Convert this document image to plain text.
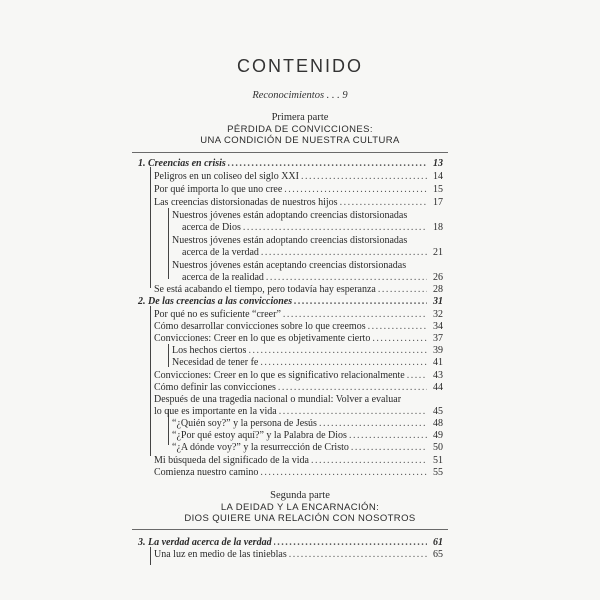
CONTENIDO
Reconocimientos . . . 9
Primera parte
PÉRDIDA DE CONVICCIONES:
UNA CONDICIÓN DE NUESTRA CULTURA
1. Creencias en crisis .....	13
Peligros en un coliseo del siglo XXI .....	14
Por qué importa lo que uno cree .....	15
Las creencias distorsionadas de nuestros hijos .....	17
Nuestros jóvenes están adoptando creencias distorsionadas
acerca de Dios .....	18
Nuestros jóvenes están adoptando creencias distorsionadas
acerca de la verdad .....	21
Nuestros jóvenes están aceptando creencias distorsionadas
acerca de la realidad .....	26
Se está acabando el tiempo, pero todavía hay esperanza .....	28
2. De las creencias a las convicciones .....	31
Por qué no es suficiente “creer” .....	32
Cómo desarrollar convicciones sobre lo que creemos .....	34
Convicciones: Creer en lo que es objetivamente cierto .....	37
Los hechos ciertos .....	39
Necesidad de tener fe .....	41
Convicciones: Creer en lo que es significativo relacionalmente .....	43
Cómo definir las convicciones .....	44
Después de una tragedia nacional o mundial: Volver a evaluar
lo que es importante en la vida .....	45
“¿Quién soy?” y la persona de Jesús .....	48
“¿Por qué estoy aquí?” y la Palabra de Dios .....	49
“¿A dónde voy?” y la resurrección de Cristo .....	50
Mi búsqueda del significado de la vida .....	51
Comienza nuestro camino .....	55
Segunda parte
LA DEIDAD Y LA ENCARNACIÓN:
DIOS QUIERE UNA RELACIÓN CON NOSOTROS
3. La verdad acerca de la verdad .....	61
Una luz en medio de las tinieblas .....	65
